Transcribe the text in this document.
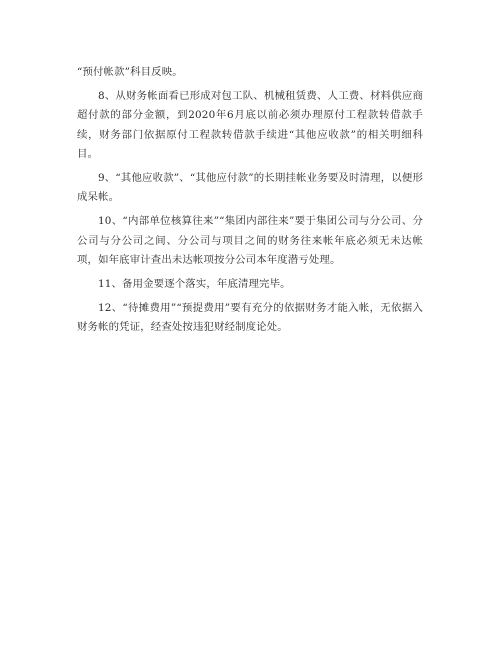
“预付帐款”科目反映。

8、从财务帐面看已形成对包工队、机械租赁费、人工费、材料供应商超付款的部分金额，到2020年6月底以前必须办理原付工程款转借款手续，财务部门依据原付工程款转借款手续进“其他应收款”的相关明细科目。

9、“其他应收款”、“其他应付款”的长期挂帐业务要及时清理，以便形成呆帐。

10、“内部单位核算往来”“集团内部往来”要于集团公司与分公司、分公司与分公司之间、分公司与项目之间的财务往来帐年底必须无未达帐项，如年底审计查出未达帐项按分公司本年度潜亏处理。

11、备用金要逐个落实，年底清理完毕。

12、“待摊费用”“预提费用”要有充分的依据财务才能入帐，无依据入财务帐的凭证，经查处按违犯财经制度论处。
